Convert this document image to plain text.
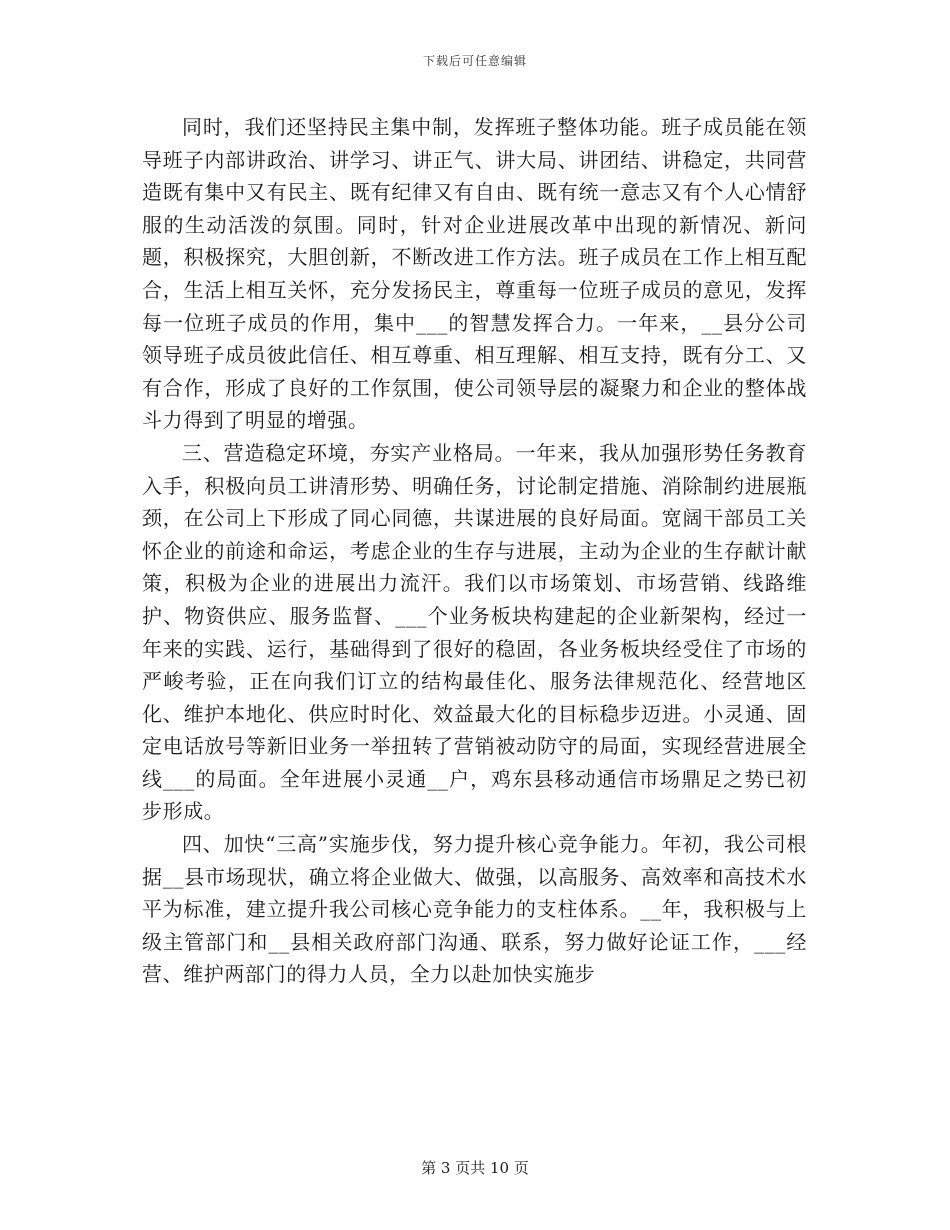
下载后可任意编辑

同时，我们还坚持民主集中制，发挥班子整体功能。班子成员能在领导班子内部讲政治、讲学习、讲正气、讲大局、讲团结、讲稳定，共同营造既有集中又有民主、既有纪律又有自由、既有统一意志又有个人心情舒服的生动活泼的氛围。同时，针对企业进展改革中出现的新情况、新问题，积极探究，大胆创新，不断改进工作方法。班子成员在工作上相互配合，生活上相互关怀，充分发扬民主，尊重每一位班子成员的意见，发挥每一位班子成员的作用，集中___的智慧发挥合力。一年来，__县分公司领导班子成员彼此信任、相互尊重、相互理解、相互支持，既有分工、又有合作，形成了良好的工作氛围，使公司领导层的凝聚力和企业的整体战斗力得到了明显的增强。

三、营造稳定环境，夯实产业格局。一年来，我从加强形势任务教育入手，积极向员工讲清形势、明确任务，讨论制定措施、消除制约进展瓶颈，在公司上下形成了同心同德，共谋进展的良好局面。宽阔干部员工关怀企业的前途和命运，考虑企业的生存与进展，主动为企业的生存献计献策，积极为企业的进展出力流汗。我们以市场策划、市场营销、线路维护、物资供应、服务监督、___个业务板块构建起的企业新架构，经过一年来的实践、运行，基础得到了很好的稳固，各业务板块经受住了市场的严峻考验，正在向我们订立的结构最佳化、服务法律规范化、经营地区化、维护本地化、供应时时化、效益最大化的目标稳步迈进。小灵通、固定电话放号等新旧业务一举扭转了营销被动防守的局面，实现经营进展全线___的局面。全年进展小灵通__户，鸡东县移动通信市场鼎足之势已初步形成。

四、加快“三高”实施步伐，努力提升核心竞争能力。年初，我公司根据__县市场现状，确立将企业做大、做强，以高服务、高效率和高技术水平为标准，建立提升我公司核心竞争能力的支柱体系。__年，我积极与上级主管部门和__县相关政府部门沟通、联系，努力做好论证工作，___经营、维护两部门的得力人员，全力以赴加快实施步

第 3 页共 10 页
